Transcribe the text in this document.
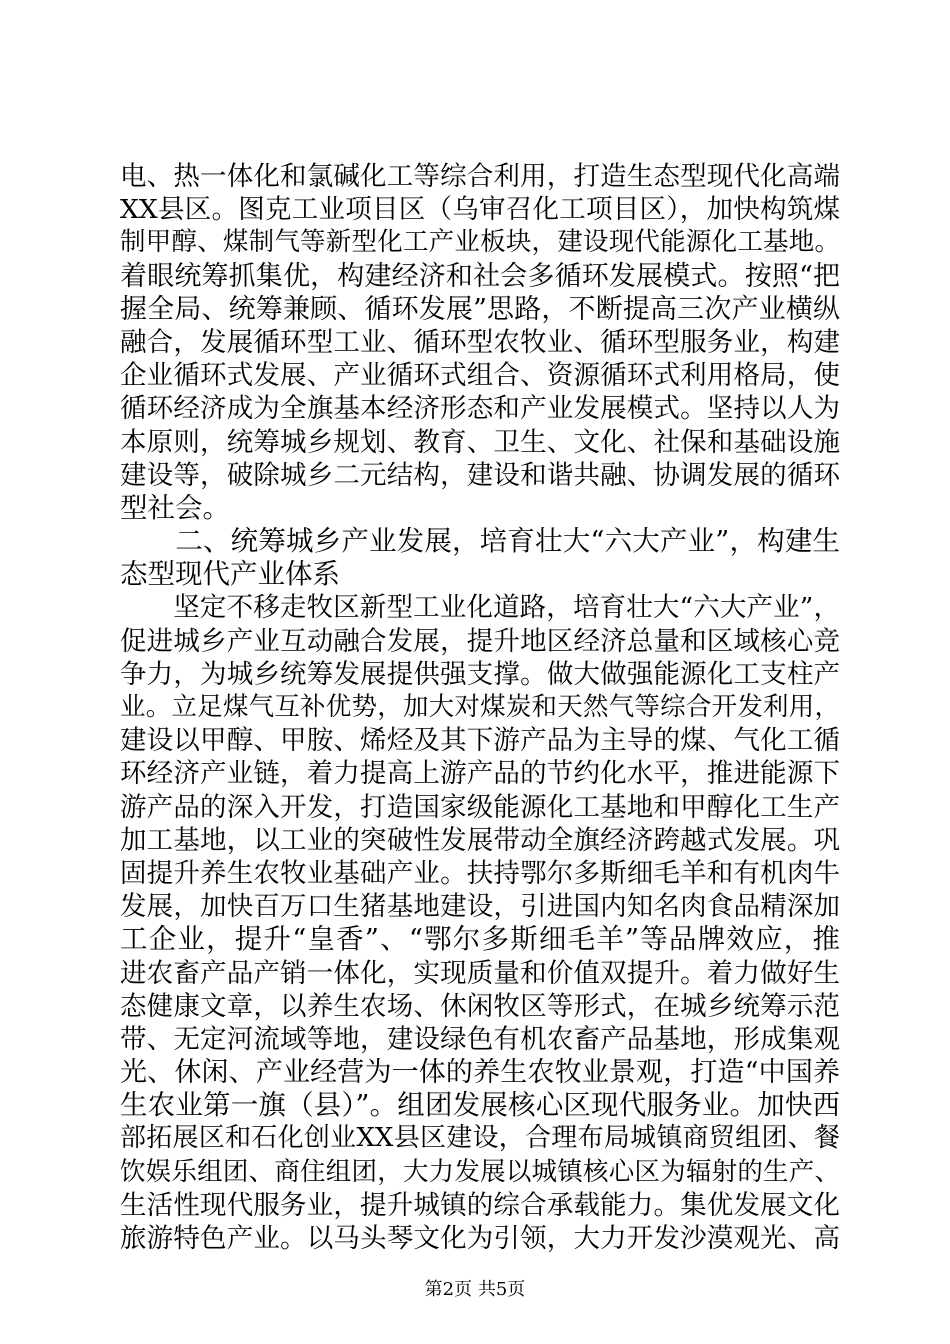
电、热一体化和氯碱化工等综合利用，打造生态型现代化高端
XX县区。图克工业项目区（乌审召化工项目区），加快构筑煤
制甲醇、煤制气等新型化工产业板块，建设现代能源化工基地。
着眼统筹抓集优，构建经济和社会多循环发展模式。按照“把
握全局、统筹兼顾、循环发展”思路，不断提高三次产业横纵
融合，发展循环型工业、循环型农牧业、循环型服务业，构建
企业循环式发展、产业循环式组合、资源循环式利用格局，使
循环经济成为全旗基本经济形态和产业发展模式。坚持以人为
本原则，统筹城乡规划、教育、卫生、文化、社保和基础设施
建设等，破除城乡二元结构，建设和谐共融、协调发展的循环
型社会。
　　二、统筹城乡产业发展，培育壮大“六大产业”，构建生
态型现代产业体系
　　坚定不移走牧区新型工业化道路，培育壮大“六大产业”，
促进城乡产业互动融合发展，提升地区经济总量和区域核心竞
争力，为城乡统筹发展提供强支撑。做大做强能源化工支柱产
业。立足煤气互补优势，加大对煤炭和天然气等综合开发利用，
建设以甲醇、甲胺、烯烃及其下游产品为主导的煤、气化工循
环经济产业链，着力提高上游产品的节约化水平，推进能源下
游产品的深入开发，打造国家级能源化工基地和甲醇化工生产
加工基地，以工业的突破性发展带动全旗经济跨越式发展。巩
固提升养生农牧业基础产业。扶持鄂尔多斯细毛羊和有机肉牛
发展，加快百万口生猪基地建设，引进国内知名肉食品精深加
工企业，提升“皇香”、“鄂尔多斯细毛羊”等品牌效应，推
进农畜产品产销一体化，实现质量和价值双提升。着力做好生
态健康文章，以养生农场、休闲牧区等形式，在城乡统筹示范
带、无定河流域等地，建设绿色有机农畜产品基地，形成集观
光、休闲、产业经营为一体的养生农牧业景观，打造“中国养
生农业第一旗（县）”。组团发展核心区现代服务业。加快西
部拓展区和石化创业XX县区建设，合理布局城镇商贸组团、餐
饮娱乐组团、商住组团，大力发展以城镇核心区为辐射的生产、
生活性现代服务业，提升城镇的综合承载能力。集优发展文化
旅游特色产业。以马头琴文化为引领，大力开发沙漠观光、高
第2页 共5页
